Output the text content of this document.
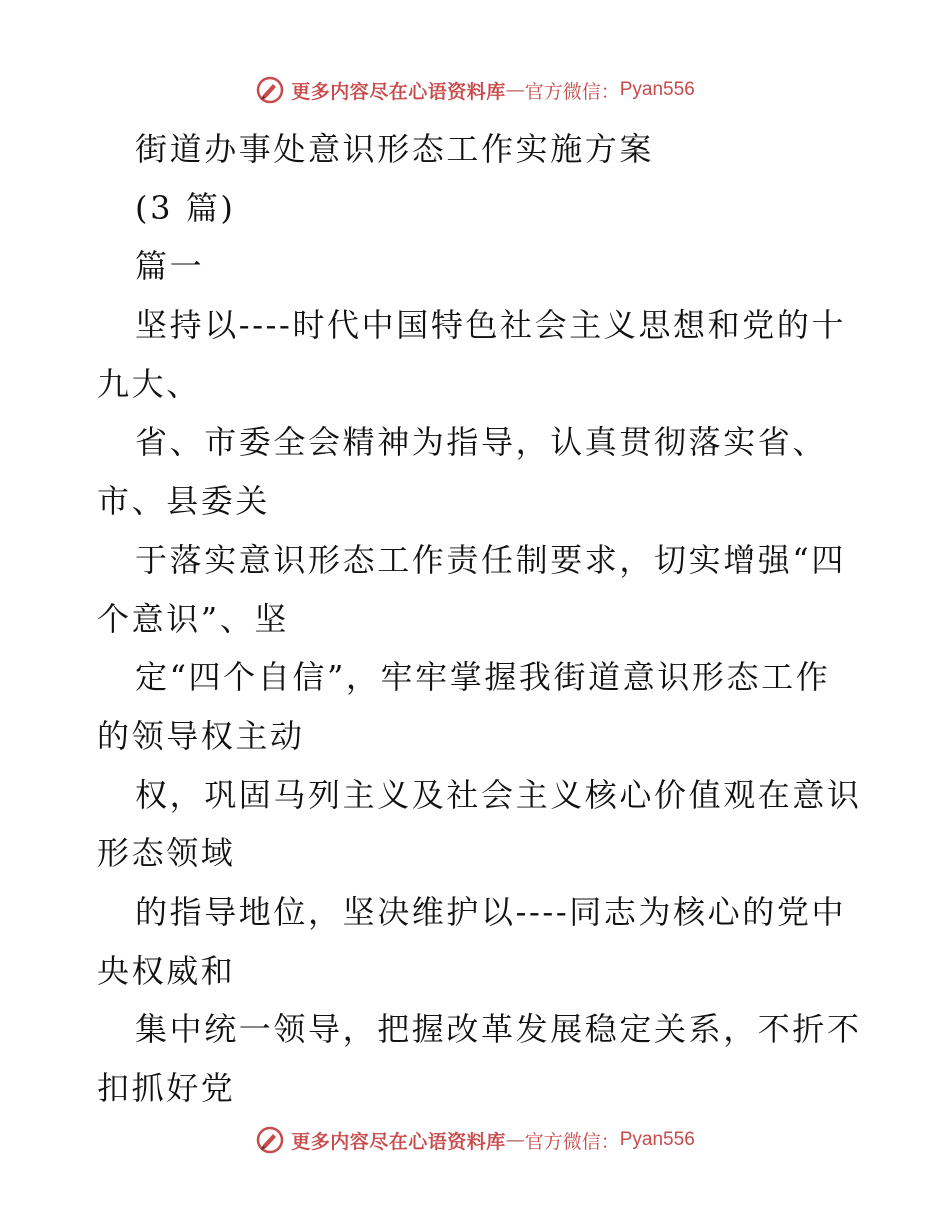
更多内容尽在心语资料库 — 官方微信： Pyan556
街道办事处意识形态工作实施方案
(3 篇)
篇一
坚持以----时代中国特色社会主义思想和党的十
九大、
省、市委全会精神为指导，认真贯彻落实省、
市、县委关
于落实意识形态工作责任制要求，切实增强“四
个意识”、坚
定“四个自信”，牢牢掌握我街道意识形态工作
的领导权主动
权，巩固马列主义及社会主义核心价值观在意识
形态领域
的指导地位，坚决维护以----同志为核心的党中
央权威和
集中统一领导，把握改革发展稳定关系，不折不
扣抓好党
更多内容尽在心语资料库 — 官方微信： Pyan556
